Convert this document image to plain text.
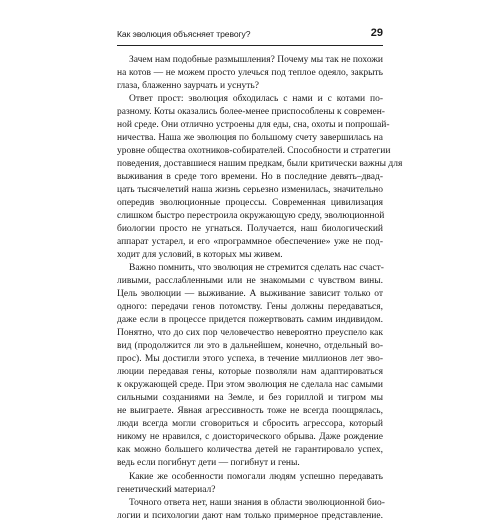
Как эволюция объясняет тревогу?	29
Зачем нам подобные размышления? Почему мы так не похожи
на котов — не можем просто улечься под теплое одеяло, закрыть
глаза, блаженно заурчать и уснуть?
Ответ прост: эволюция обходилась с нами и с котами по-
разному. Коты оказались более-менее приспособлены к современ-
ной среде. Они отлично устроены для еды, сна, охоты и попрошай-
ничества. Наша же эволюция по большому счету завершилась на
уровне общества охотников-собирателей. Способности и стратегии
поведения, доставшиеся нашим предкам, были критически важны для
выживания в среде того времени. Но в последние девять–двад-
цать тысячелетий наша жизнь серьезно изменилась, значительно
опередив эволюционные процессы. Современная цивилизация
слишком быстро перестроила окружающую среду, эволюционной
биологии просто не угнаться. Получается, наш биологический
аппарат устарел, и его «программное обеспечение» уже не под-
ходит для условий, в которых мы живем.
Важно помнить, что эволюция не стремится сделать нас счаст-
ливыми, расслабленными или не знакомыми с чувством вины.
Цель эволюции — выживание. А выживание зависит только от
одного: передачи генов потомству. Гены должны передаваться,
даже если в процессе придется пожертвовать самим индивидом.
Понятно, что до сих пор человечество невероятно преуспело как
вид (продолжится ли это в дальнейшем, конечно, отдельный во-
прос). Мы достигли этого успеха, в течение миллионов лет эво-
люции передавая гены, которые позволяли нам адаптироваться
к окружающей среде. При этом эволюция не сделала нас самыми
сильными созданиями на Земле, и без гориллой и тигром мы
не выиграете. Явная агрессивность тоже не всегда поощрялась,
люди всегда могли сговориться и сбросить агрессора, который
никому не нравился, с доисторического обрыва. Даже рождение
как можно большего количества детей не гарантировало успех,
ведь если погибнут дети — погибнут и гены.
Какие же особенности помогали людям успешно передавать
генетический материал?
Точного ответа нет, наши знания в области эволюционной био-
логии и психологии дают нам только примерное представление.
